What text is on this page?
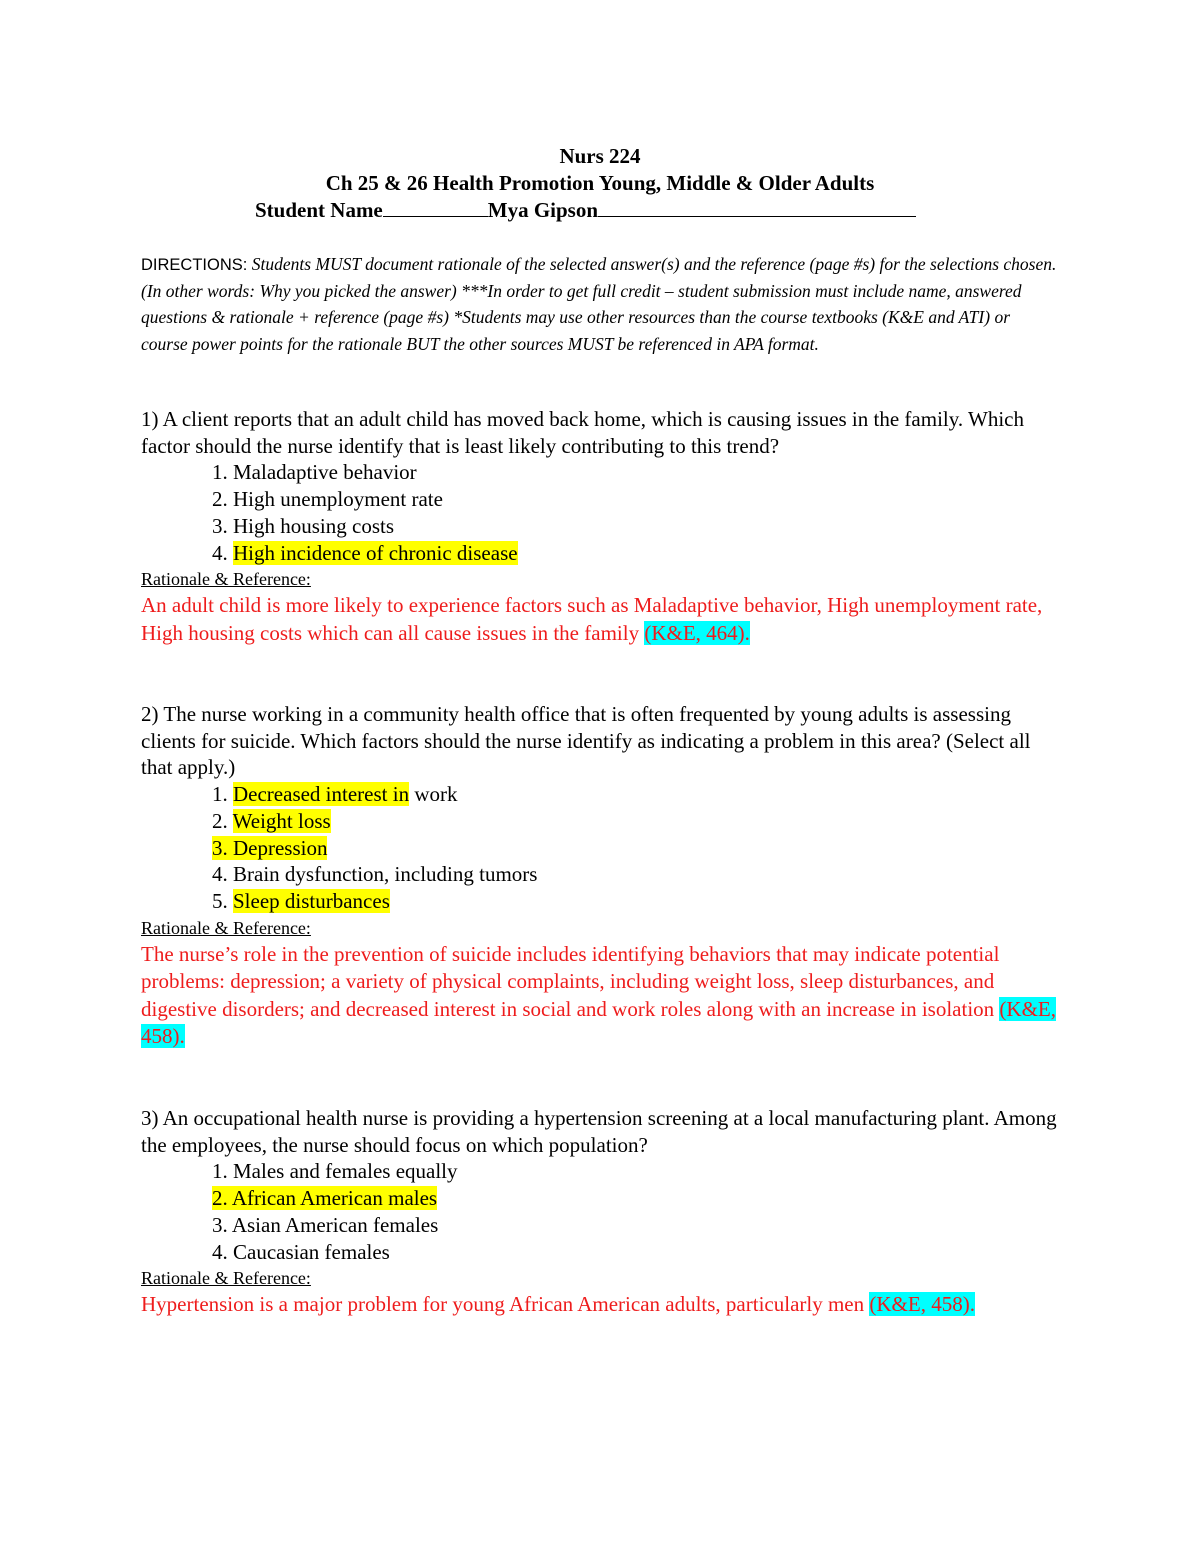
Nurs 224
Ch 25 & 26 Health Promotion Young, Middle & Older Adults
Student Name	Mya Gipson
DIRECTIONS: Students MUST document rationale of the selected answer(s) and the reference (page #s) for the selections chosen. (In other words: Why you picked the answer) ***In order to get full credit – student submission must include name, answered questions & rationale + reference (page #s) *Students may use other resources than the course textbooks (K&E and ATI) or course power points for the rationale BUT the other sources MUST be referenced in APA format.

1) A client reports that an adult child has moved back home, which is causing issues in the family. Which factor should the nurse identify that is least likely contributing to this trend?

1. Maladaptive behavior
2. High unemployment rate
3. High housing costs
4. High incidence of chronic disease
Rationale & Reference:

An adult child is more likely to experience factors such as Maladaptive behavior, High unemployment rate, High housing costs which can all cause issues in the family (K&E, 464).

2) The nurse working in a community health office that is often frequented by young adults is assessing clients for suicide. Which factors should the nurse identify as indicating a problem in this area? (Select all that apply.)

1. Decreased interest in work
2. Weight loss
3. Depression
4. Brain dysfunction, including tumors
5. Sleep disturbances
Rationale & Reference:

The nurse’s role in the prevention of suicide includes identifying behaviors that may indicate potential problems: depression; a variety of physical complaints, including weight loss, sleep disturbances, and digestive disorders; and decreased interest in social and work roles along with an increase in isolation (K&E, 458).

3) An occupational health nurse is providing a hypertension screening at a local manufacturing plant. Among the employees, the nurse should focus on which population?

1. Males and females equally
2. African American males
3. Asian American females
4. Caucasian females
Rationale & Reference:

Hypertension is a major problem for young African American adults, particularly men (K&E, 458).
